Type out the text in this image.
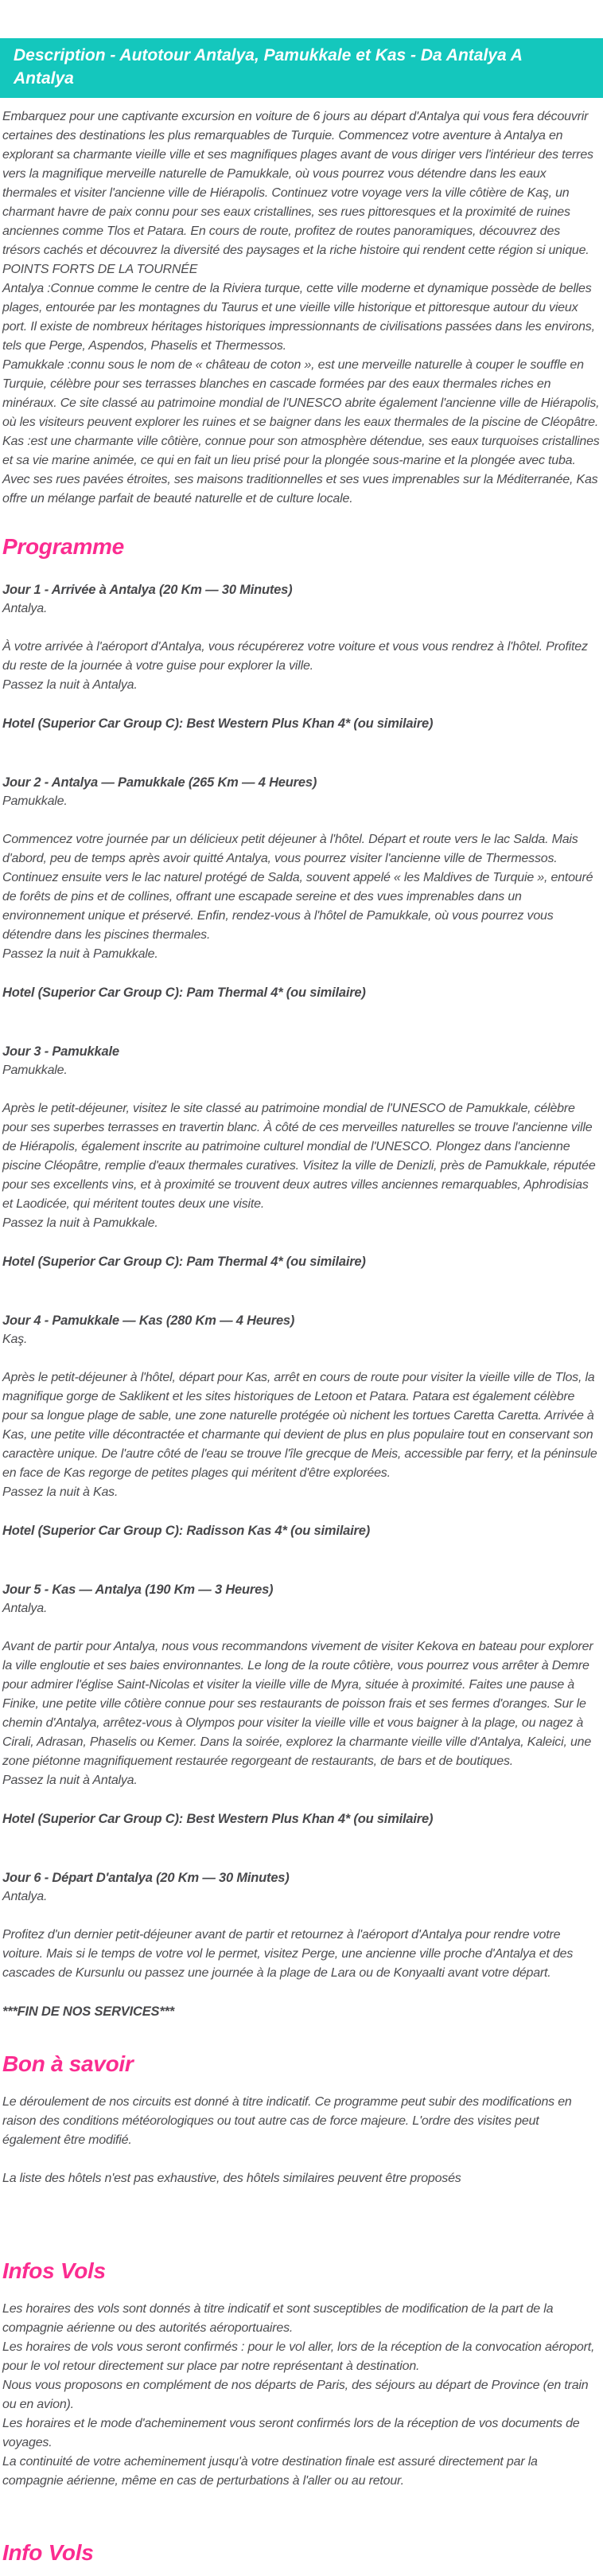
Description - Autotour Antalya, Pamukkale et Kas - Da Antalya A Antalya

Embarquez pour une captivante excursion en voiture de 6 jours au départ d'Antalya qui vous fera découvrir certaines des destinations les plus remarquables de Turquie. Commencez votre aventure à Antalya en explorant sa charmante vieille ville et ses magnifiques plages avant de vous diriger vers l'intérieur des terres vers la magnifique merveille naturelle de Pamukkale, où vous pourrez vous détendre dans les eaux thermales et visiter l'ancienne ville de Hiérapolis. Continuez votre voyage vers la ville côtière de Kaş, un charmant havre de paix connu pour ses eaux cristallines, ses rues pittoresques et la proximité de ruines anciennes comme Tlos et Patara. En cours de route, profitez de routes panoramiques, découvrez des trésors cachés et découvrez la diversité des paysages et la riche histoire qui rendent cette région si unique.

POINTS FORTS DE LA TOURNÉE

Antalya :Connue comme le centre de la Riviera turque, cette ville moderne et dynamique possède de belles plages, entourée par les montagnes du Taurus et une vieille ville historique et pittoresque autour du vieux port. Il existe de nombreux héritages historiques impressionnants de civilisations passées dans les environs, tels que Perge, Aspendos, Phaselis et Thermessos.

Pamukkale :connu sous le nom de « château de coton », est une merveille naturelle à couper le souffle en Turquie, célèbre pour ses terrasses blanches en cascade formées par des eaux thermales riches en minéraux. Ce site classé au patrimoine mondial de l'UNESCO abrite également l'ancienne ville de Hiérapolis, où les visiteurs peuvent explorer les ruines et se baigner dans les eaux thermales de la piscine de Cléopâtre.

Kas :est une charmante ville côtière, connue pour son atmosphère détendue, ses eaux turquoises cristallines et sa vie marine animée, ce qui en fait un lieu prisé pour la plongée sous-marine et la plongée avec tuba. Avec ses rues pavées étroites, ses maisons traditionnelles et ses vues imprenables sur la Méditerranée, Kas offre un mélange parfait de beauté naturelle et de culture locale.

Programme

Jour 1 - Arrivée à Antalya (20 Km — 30 Minutes)

Antalya.

À votre arrivée à l'aéroport d'Antalya, vous récupérerez votre voiture et vous vous rendrez à l'hôtel. Profitez du reste de la journée à votre guise pour explorer la ville.

Passez la nuit à Antalya.

Hotel (Superior Car Group C): Best Western Plus Khan 4* (ou similaire)

Jour 2 - Antalya — Pamukkale (265 Km — 4 Heures)

Pamukkale.

Commencez votre journée par un délicieux petit déjeuner à l'hôtel. Départ et route vers le lac Salda. Mais d'abord, peu de temps après avoir quitté Antalya, vous pourrez visiter l'ancienne ville de Thermessos. Continuez ensuite vers le lac naturel protégé de Salda, souvent appelé « les Maldives de Turquie », entouré de forêts de pins et de collines, offrant une escapade sereine et des vues imprenables dans un environnement unique et préservé. Enfin, rendez-vous à l'hôtel de Pamukkale, où vous pourrez vous détendre dans les piscines thermales.

Passez la nuit à Pamukkale.

Hotel (Superior Car Group C): Pam Thermal 4* (ou similaire)

Jour 3 - Pamukkale

Pamukkale.

Après le petit-déjeuner, visitez le site classé au patrimoine mondial de l'UNESCO de Pamukkale, célèbre pour ses superbes terrasses en travertin blanc. À côté de ces merveilles naturelles se trouve l'ancienne ville de Hiérapolis, également inscrite au patrimoine culturel mondial de l'UNESCO. Plongez dans l'ancienne piscine Cléopâtre, remplie d'eaux thermales curatives. Visitez la ville de Denizli, près de Pamukkale, réputée pour ses excellents vins, et à proximité se trouvent deux autres villes anciennes remarquables, Aphrodisias et Laodicée, qui méritent toutes deux une visite.

Passez la nuit à Pamukkale.

Hotel (Superior Car Group C): Pam Thermal 4* (ou similaire)

Jour 4 - Pamukkale — Kas (280 Km — 4 Heures)

Kaş.

Après le petit-déjeuner à l'hôtel, départ pour Kas, arrêt en cours de route pour visiter la vieille ville de Tlos, la magnifique gorge de Saklikent et les sites historiques de Letoon et Patara. Patara est également célèbre pour sa longue plage de sable, une zone naturelle protégée où nichent les tortues Caretta Caretta. Arrivée à Kas, une petite ville décontractée et charmante qui devient de plus en plus populaire tout en conservant son caractère unique. De l'autre côté de l'eau se trouve l'île grecque de Meis, accessible par ferry, et la péninsule en face de Kas regorge de petites plages qui méritent d'être explorées.

Passez la nuit à Kas.

Hotel (Superior Car Group C): Radisson Kas 4* (ou similaire)

Jour 5 - Kas — Antalya (190 Km — 3 Heures)

Antalya.

Avant de partir pour Antalya, nous vous recommandons vivement de visiter Kekova en bateau pour explorer la ville engloutie et ses baies environnantes. Le long de la route côtière, vous pourrez vous arrêter à Demre pour admirer l'église Saint-Nicolas et visiter la vieille ville de Myra, située à proximité. Faites une pause à Finike, une petite ville côtière connue pour ses restaurants de poisson frais et ses fermes d'oranges. Sur le chemin d'Antalya, arrêtez-vous à Olympos pour visiter la vieille ville et vous baigner à la plage, ou nagez à Cirali, Adrasan, Phaselis ou Kemer. Dans la soirée, explorez la charmante vieille ville d'Antalya, Kaleici, une zone piétonne magnifiquement restaurée regorgeant de restaurants, de bars et de boutiques.

Passez la nuit à Antalya.

Hotel (Superior Car Group C): Best Western Plus Khan 4* (ou similaire)

Jour 6 - Départ D'antalya (20 Km — 30 Minutes)

Antalya.

Profitez d'un dernier petit-déjeuner avant de partir et retournez à l'aéroport d'Antalya pour rendre votre voiture. Mais si le temps de votre vol le permet, visitez Perge, une ancienne ville proche d'Antalya et des cascades de Kursunlu ou passez une journée à la plage de Lara ou de Konyaalti avant votre départ.

***FIN DE NOS SERVICES***

Bon à savoir

Le déroulement de nos circuits est donné à titre indicatif. Ce programme peut subir des modifications en raison des conditions météorologiques ou tout autre cas de force majeure. L'ordre des visites peut également être modifié.

La liste des hôtels n'est pas exhaustive, des hôtels similaires peuvent être proposés

Infos Vols

Les horaires des vols sont donnés à titre indicatif et sont susceptibles de modification de la part de la compagnie aérienne ou des autorités aéroportuaires.

Les horaires de vols vous seront confirmés : pour le vol aller, lors de la réception de la convocation aéroport, pour le vol retour directement sur place par notre représentant à destination.

Nous vous proposons en complément de nos départs de Paris, des séjours au départ de Province (en train ou en avion).

Les horaires et le mode d'acheminement vous seront confirmés lors de la réception de vos documents de voyages.

La continuité de votre acheminement jusqu'à votre destination finale est assuré directement par la compagnie aérienne, même en cas de perturbations à l'aller ou au retour.

Info Vols
